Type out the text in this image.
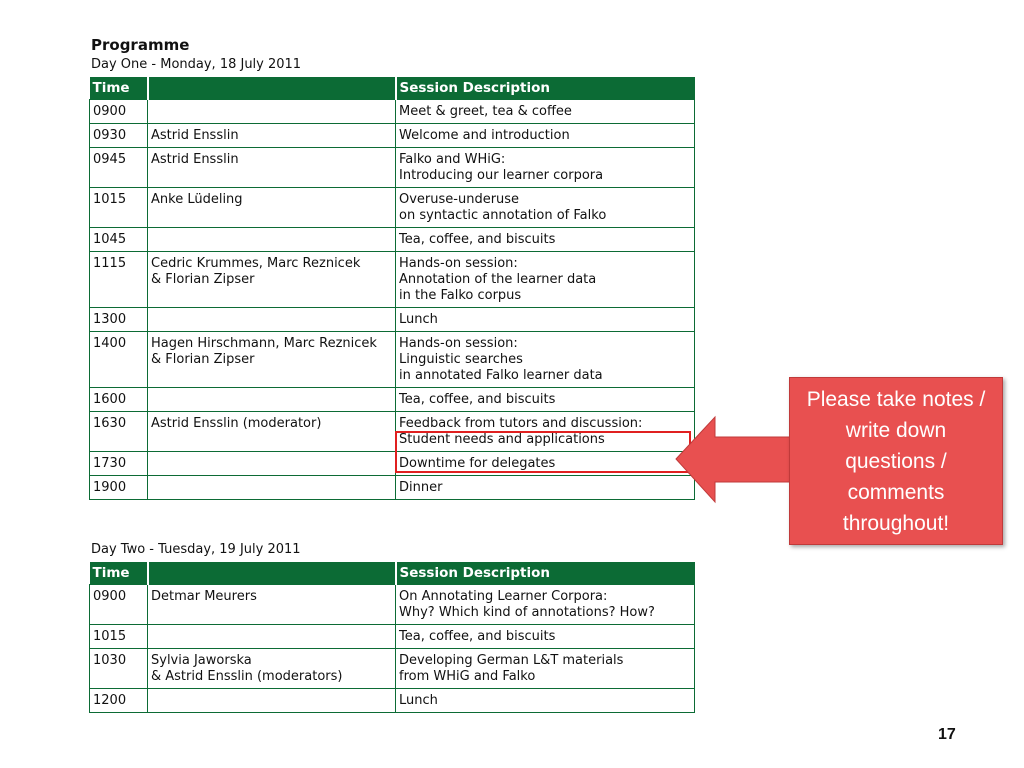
Programme
Day One - Monday, 18 July 2011
Time		Session Description
0900		Meet & greet, tea & coffee
0930	Astrid Ensslin	Welcome and introduction
0945	Astrid Ensslin	Falko and WHiG:
Introducing our learner corpora
1015	Anke Lüdeling	Overuse-underuse
on syntactic annotation of Falko
1045		Tea, coffee, and biscuits
1115	Cedric Krummes, Marc Reznicek
& Florian Zipser	Hands-on session:
Annotation of the learner data
in the Falko corpus
1300		Lunch
1400	Hagen Hirschmann, Marc Reznicek
& Florian Zipser	Hands-on session:
Linguistic searches
in annotated Falko learner data
1600		Tea, coffee, and biscuits
1630	Astrid Ensslin (moderator)	Feedback from tutors and discussion:
Student needs and applications
1730		Downtime for delegates
1900		Dinner
Day Two - Tuesday, 19 July 2011
Time		Session Description
0900	Detmar Meurers	On Annotating Learner Corpora:
Why? Which kind of annotations? How?
1015		Tea, coffee, and biscuits
1030	Sylvia Jaworska
& Astrid Ensslin (moderators)	Developing German L&T materials
from WHiG and Falko
1200		Lunch
Please take notes / write down questions / comments throughout!
17
